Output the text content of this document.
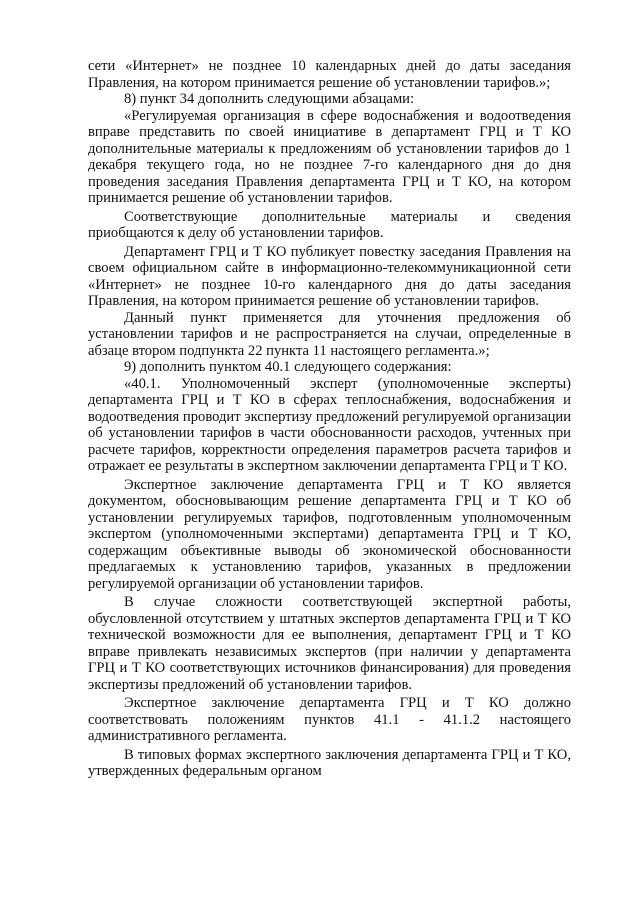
сети «Интернет» не позднее 10 календарных дней до даты заседания Правления, на котором принимается решение об установлении тарифов.»;

8) пункт 34 дополнить следующими абзацами:

«Регулируемая организация в сфере водоснабжения и водоотведения вправе представить по своей инициативе в департамент ГРЦ и Т КО дополнительные материалы к предложениям об установлении тарифов до 1 декабря текущего года, но не позднее 7-го календарного дня до дня проведения заседания Правления департамента ГРЦ и Т КО, на котором принимается решение об установлении тарифов.

Соответствующие дополнительные материалы и сведения приобщаются к делу об установлении тарифов.

Департамент ГРЦ и Т КО публикует повестку заседания Правления на своем официальном сайте в информационно-телекоммуникационной сети «Интернет» не позднее 10-го календарного дня до даты заседания Правления, на котором принимается решение об установлении тарифов.

Данный пункт применяется для уточнения предложения об установлении тарифов и не распространяется на случаи, определенные в абзаце втором подпункта 22 пункта 11 настоящего регламента.»;

9) дополнить пунктом 40.1 следующего содержания:

«40.1. Уполномоченный эксперт (уполномоченные эксперты) департамента ГРЦ и Т КО в сферах теплоснабжения, водоснабжения и водоотведения проводит экспертизу предложений регулируемой организации об установлении тарифов в части обоснованности расходов, учтенных при расчете тарифов, корректности определения параметров расчета тарифов и отражает ее результаты в экспертном заключении департамента ГРЦ и Т КО.

Экспертное заключение департамента ГРЦ и Т КО является документом, обосновывающим решение департамента ГРЦ и Т КО об установлении регулируемых тарифов, подготовленным уполномоченным экспертом (уполномоченными экспертами) департамента ГРЦ и Т КО, содержащим объективные выводы об экономической обоснованности предлагаемых к установлению тарифов, указанных в предложении регулируемой организации об установлении тарифов.

В случае сложности соответствующей экспертной работы, обусловленной отсутствием у штатных экспертов департамента ГРЦ и Т КО технической возможности для ее выполнения, департамент ГРЦ и Т КО вправе привлекать независимых экспертов (при наличии у департамента ГРЦ и Т КО соответствующих источников финансирования) для проведения экспертизы предложений об установлении тарифов.

Экспертное заключение департамента ГРЦ и Т КО должно соответствовать положениям пунктов 41.1 - 41.1.2 настоящего административного регламента.

В типовых формах экспертного заключения департамента ГРЦ и Т КО, утвержденных федеральным органом
